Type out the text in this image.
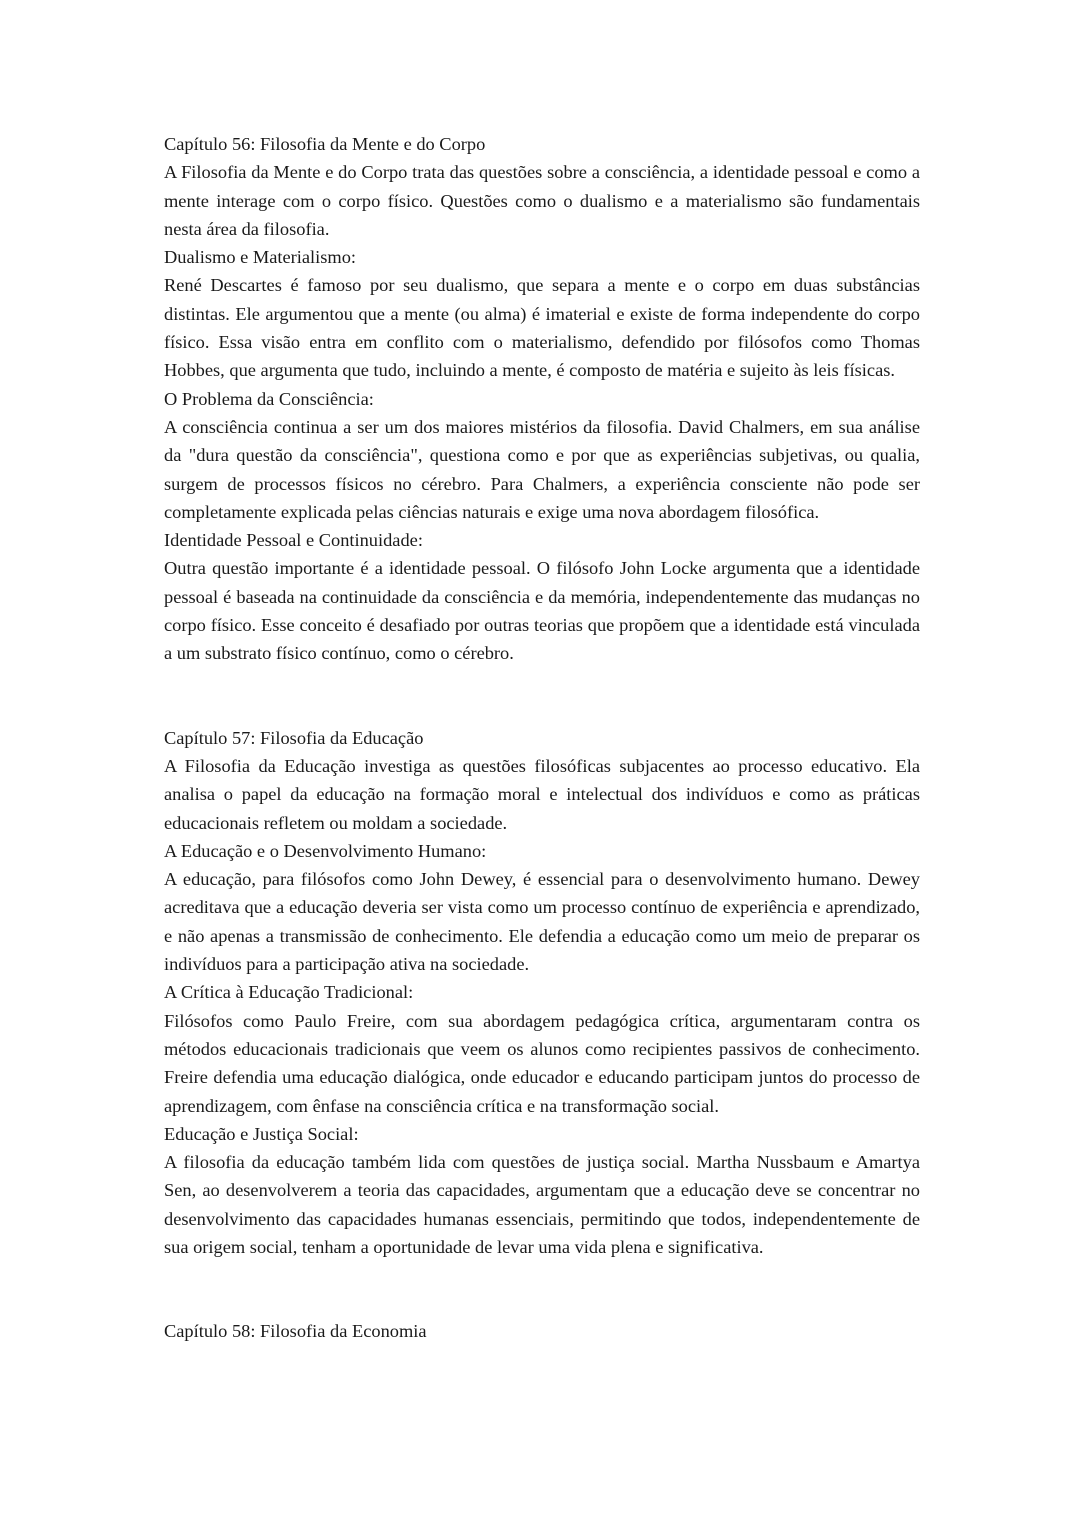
Capítulo 56: Filosofia da Mente e do Corpo

A Filosofia da Mente e do Corpo trata das questões sobre a consciência, a identidade pessoal e como a mente interage com o corpo físico. Questões como o dualismo e a materialismo são fundamentais nesta área da filosofia.

Dualismo e Materialismo:

René Descartes é famoso por seu dualismo, que separa a mente e o corpo em duas substâncias distintas. Ele argumentou que a mente (ou alma) é imaterial e existe de forma independente do corpo físico. Essa visão entra em conflito com o materialismo, defendido por filósofos como Thomas Hobbes, que argumenta que tudo, incluindo a mente, é composto de matéria e sujeito às leis físicas.

O Problema da Consciência:

A consciência continua a ser um dos maiores mistérios da filosofia. David Chalmers, em sua análise da "dura questão da consciência", questiona como e por que as experiências subjetivas, ou qualia, surgem de processos físicos no cérebro. Para Chalmers, a experiência consciente não pode ser completamente explicada pelas ciências naturais e exige uma nova abordagem filosófica.

Identidade Pessoal e Continuidade:

Outra questão importante é a identidade pessoal. O filósofo John Locke argumenta que a identidade pessoal é baseada na continuidade da consciência e da memória, independentemente das mudanças no corpo físico. Esse conceito é desafiado por outras teorias que propõem que a identidade está vinculada a um substrato físico contínuo, como o cérebro.

Capítulo 57: Filosofia da Educação

A Filosofia da Educação investiga as questões filosóficas subjacentes ao processo educativo. Ela analisa o papel da educação na formação moral e intelectual dos indivíduos e como as práticas educacionais refletem ou moldam a sociedade.

A Educação e o Desenvolvimento Humano:

A educação, para filósofos como John Dewey, é essencial para o desenvolvimento humano. Dewey acreditava que a educação deveria ser vista como um processo contínuo de experiência e aprendizado, e não apenas a transmissão de conhecimento. Ele defendia a educação como um meio de preparar os indivíduos para a participação ativa na sociedade.

A Crítica à Educação Tradicional:

Filósofos como Paulo Freire, com sua abordagem pedagógica crítica, argumentaram contra os métodos educacionais tradicionais que veem os alunos como recipientes passivos de conhecimento. Freire defendia uma educação dialógica, onde educador e educando participam juntos do processo de aprendizagem, com ênfase na consciência crítica e na transformação social.

Educação e Justiça Social:

A filosofia da educação também lida com questões de justiça social. Martha Nussbaum e Amartya Sen, ao desenvolverem a teoria das capacidades, argumentam que a educação deve se concentrar no desenvolvimento das capacidades humanas essenciais, permitindo que todos, independentemente de sua origem social, tenham a oportunidade de levar uma vida plena e significativa.

Capítulo 58: Filosofia da Economia
